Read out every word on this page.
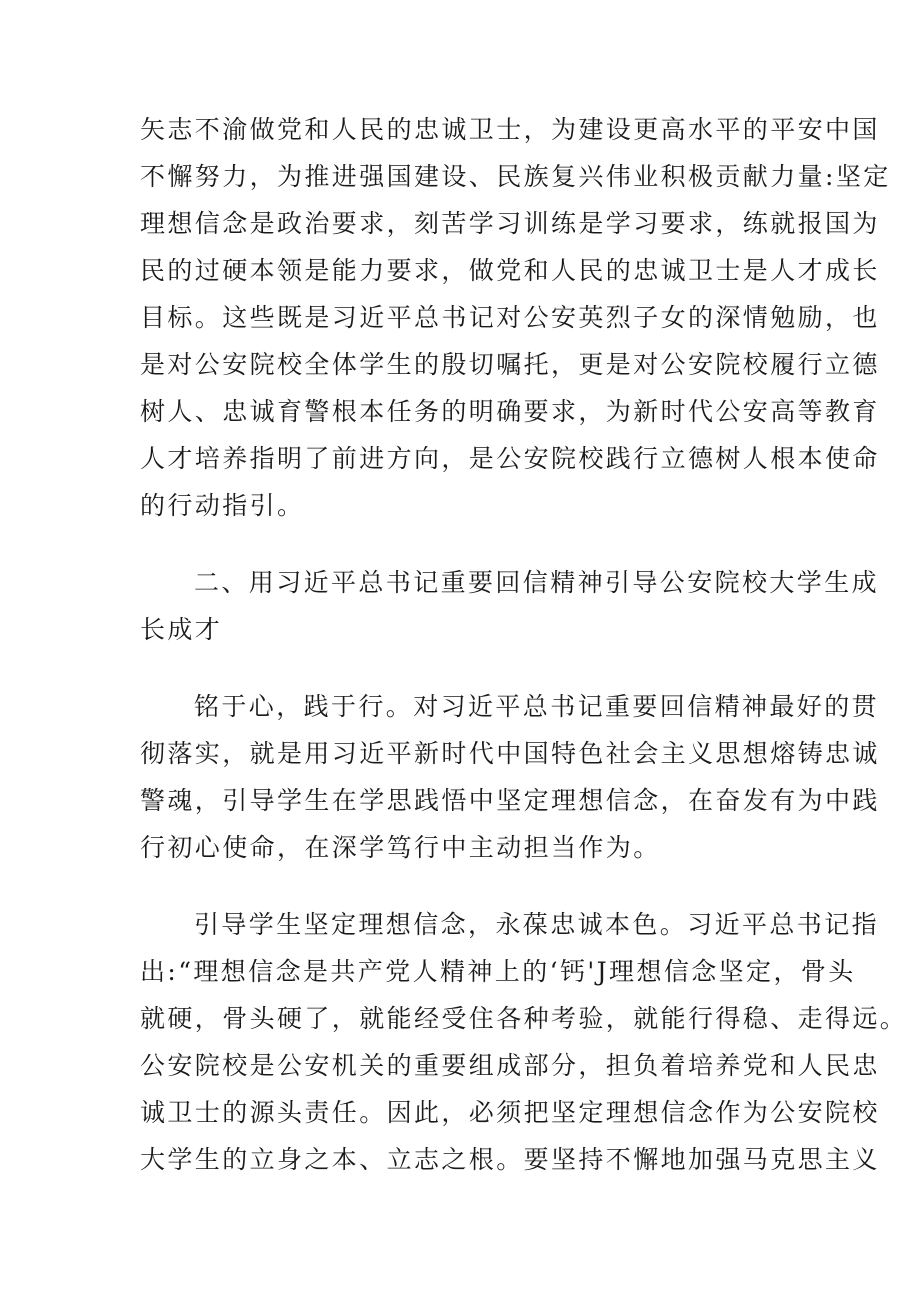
矢志不渝做党和人民的忠诚卫士，为建设更高水平的平安中国
不懈努力，为推进强国建设、民族复兴伟业积极贡献力量:坚定
理想信念是政治要求，刻苦学习训练是学习要求，练就报国为
民的过硬本领是能力要求，做党和人民的忠诚卫士是人才成长
目标。这些既是习近平总书记对公安英烈子女的深情勉励，也
是对公安院校全体学生的殷切嘱托，更是对公安院校履行立德
树人、忠诚育警根本任务的明确要求，为新时代公安高等教育
人才培养指明了前进方向，是公安院校践行立德树人根本使命
的行动指引。
二、用习近平总书记重要回信精神引导公安院校大学生成
长成才
铭于心，践于行。对习近平总书记重要回信精神最好的贯
彻落实，就是用习近平新时代中国特色社会主义思想熔铸忠诚
警魂，引导学生在学思践悟中坚定理想信念，在奋发有为中践
行初心使命，在深学笃行中主动担当作为。
引导学生坚定理想信念，永葆忠诚本色。习近平总书记指
出:“理想信念是共产党人精神上的‘钙'J理想信念坚定，骨头
就硬，骨头硬了，就能经受住各种考验，就能行得稳、走得远。
公安院校是公安机关的重要组成部分，担负着培养党和人民忠
诚卫士的源头责任。因此，必须把坚定理想信念作为公安院校
大学生的立身之本、立志之根。要坚持不懈地加强马克思主义
